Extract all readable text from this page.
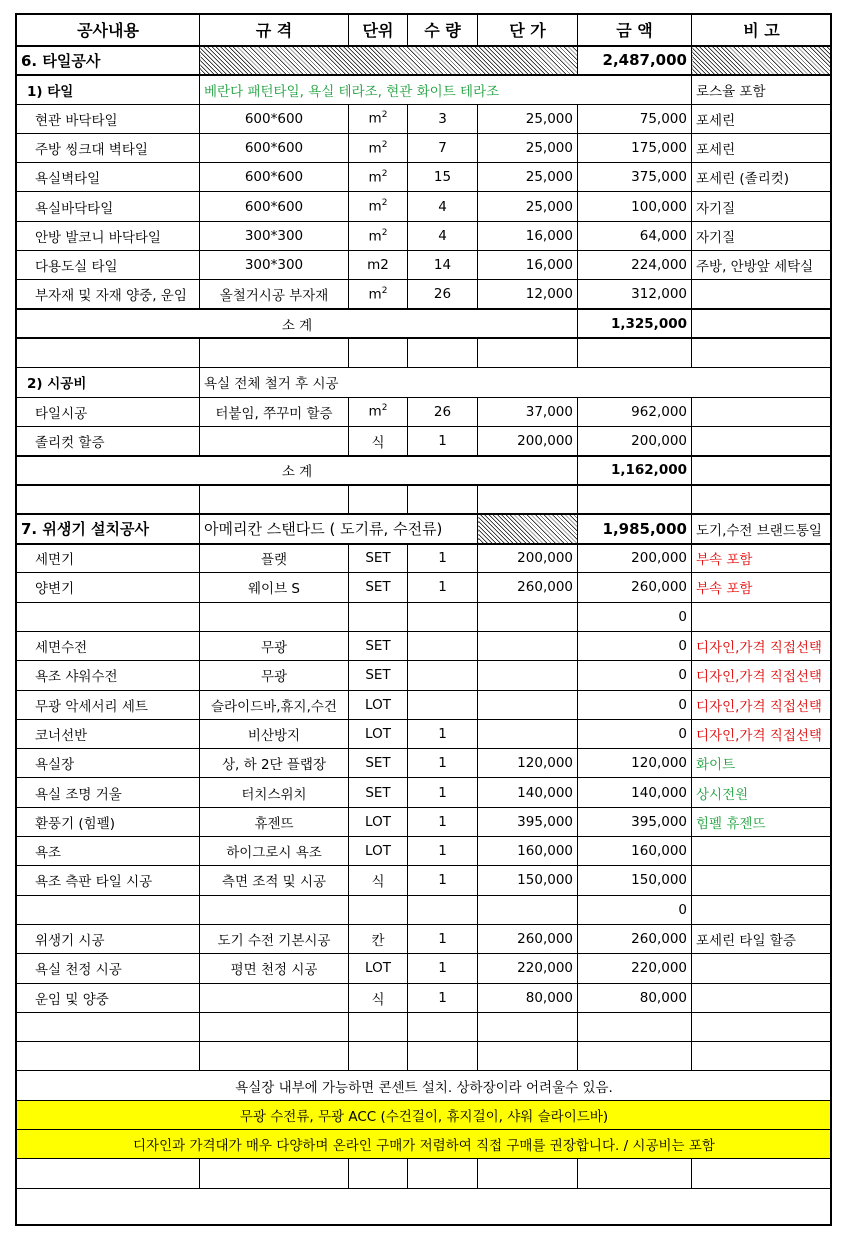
공사내용	규 격	단위	수 량	단 가	금 액	비 고
6. 타일공사					2,487,000	
1) 타일	베란다 패턴타일, 욕실 테라조, 현관 화이트 테라조					로스율 포함
현관 바닥타일	600*600	$m^2$	3	25,000	75,000	포세린
주방 씽크대 벽타일	600*600	$m^2$	7	25,000	175,000	포세린
욕실벽타일	600*600	$m^2$	15	25,000	375,000	포세린 (졸리컷)
욕실바닥타일	600*600	$m^2$	4	25,000	100,000	자기질
안방 발코니 바닥타일	300*300	$m^2$	4	16,000	64,000	자기질
다용도실 타일	300*300	m2	14	16,000	224,000	주방, 안방앞 세탁실
부자재 및 자재 양중, 운임	올철거시공 부자재	$m^2$	26	12,000	312,000	
소 계					1,325,000	

2) 시공비	욕실 전체 철거 후 시공					
타일시공	터붙임, 쭈꾸미 할증	$m^2$	26	37,000	962,000	
졸리컷 할증		식	1	200,000	200,000	
소 계					1,162,000	

7. 위생기 설치공사	아메리칸 스탠다드 ( 도기류, 수전류)				1,985,000	도기,수전 브랜드통일
세면기	플랫	SET	1	200,000	200,000	부속 포함
양변기	웨이브 S	SET	1	260,000	260,000	부속 포함
					0	
세면수전	무광	SET			0	디자인,가격 직접선택
욕조 샤워수전	무광	SET			0	디자인,가격 직접선택
무광 악세서리 세트	슬라이드바,휴지,수건	LOT			0	디자인,가격 직접선택
코너선반	비산방지	LOT	1		0	디자인,가격 직접선택
욕실장	상, 하 2단 플랩장	SET	1	120,000	120,000	화이트
욕실 조명 거울	터치스위치	SET	1	140,000	140,000	상시전원
환풍기 (힘펠)	휴젠뜨	LOT	1	395,000	395,000	힘펠 휴젠뜨
욕조	하이그로시 욕조	LOT	1	160,000	160,000	
욕조 측판 타일 시공	측면 조적 및 시공	식	1	150,000	150,000	
					0	
위생기 시공	도기 수전 기본시공	칸	1	260,000	260,000	포세린 타일 할증
욕실 천정 시공	평면 천정 시공	LOT	1	220,000	220,000	
운임 및 양중		식	1	80,000	80,000	

욕실장 내부에 가능하면 콘센트 설치. 상하장이라 어려울수 있음.						
무광 수전류, 무광 ACC (수건걸이, 휴지걸이, 샤워 슬라이드바)						
디자인과 가격대가 매우 다양하며 온라인 구매가 저렴하여 직접 구매를 권장합니다. / 시공비는 포함						
